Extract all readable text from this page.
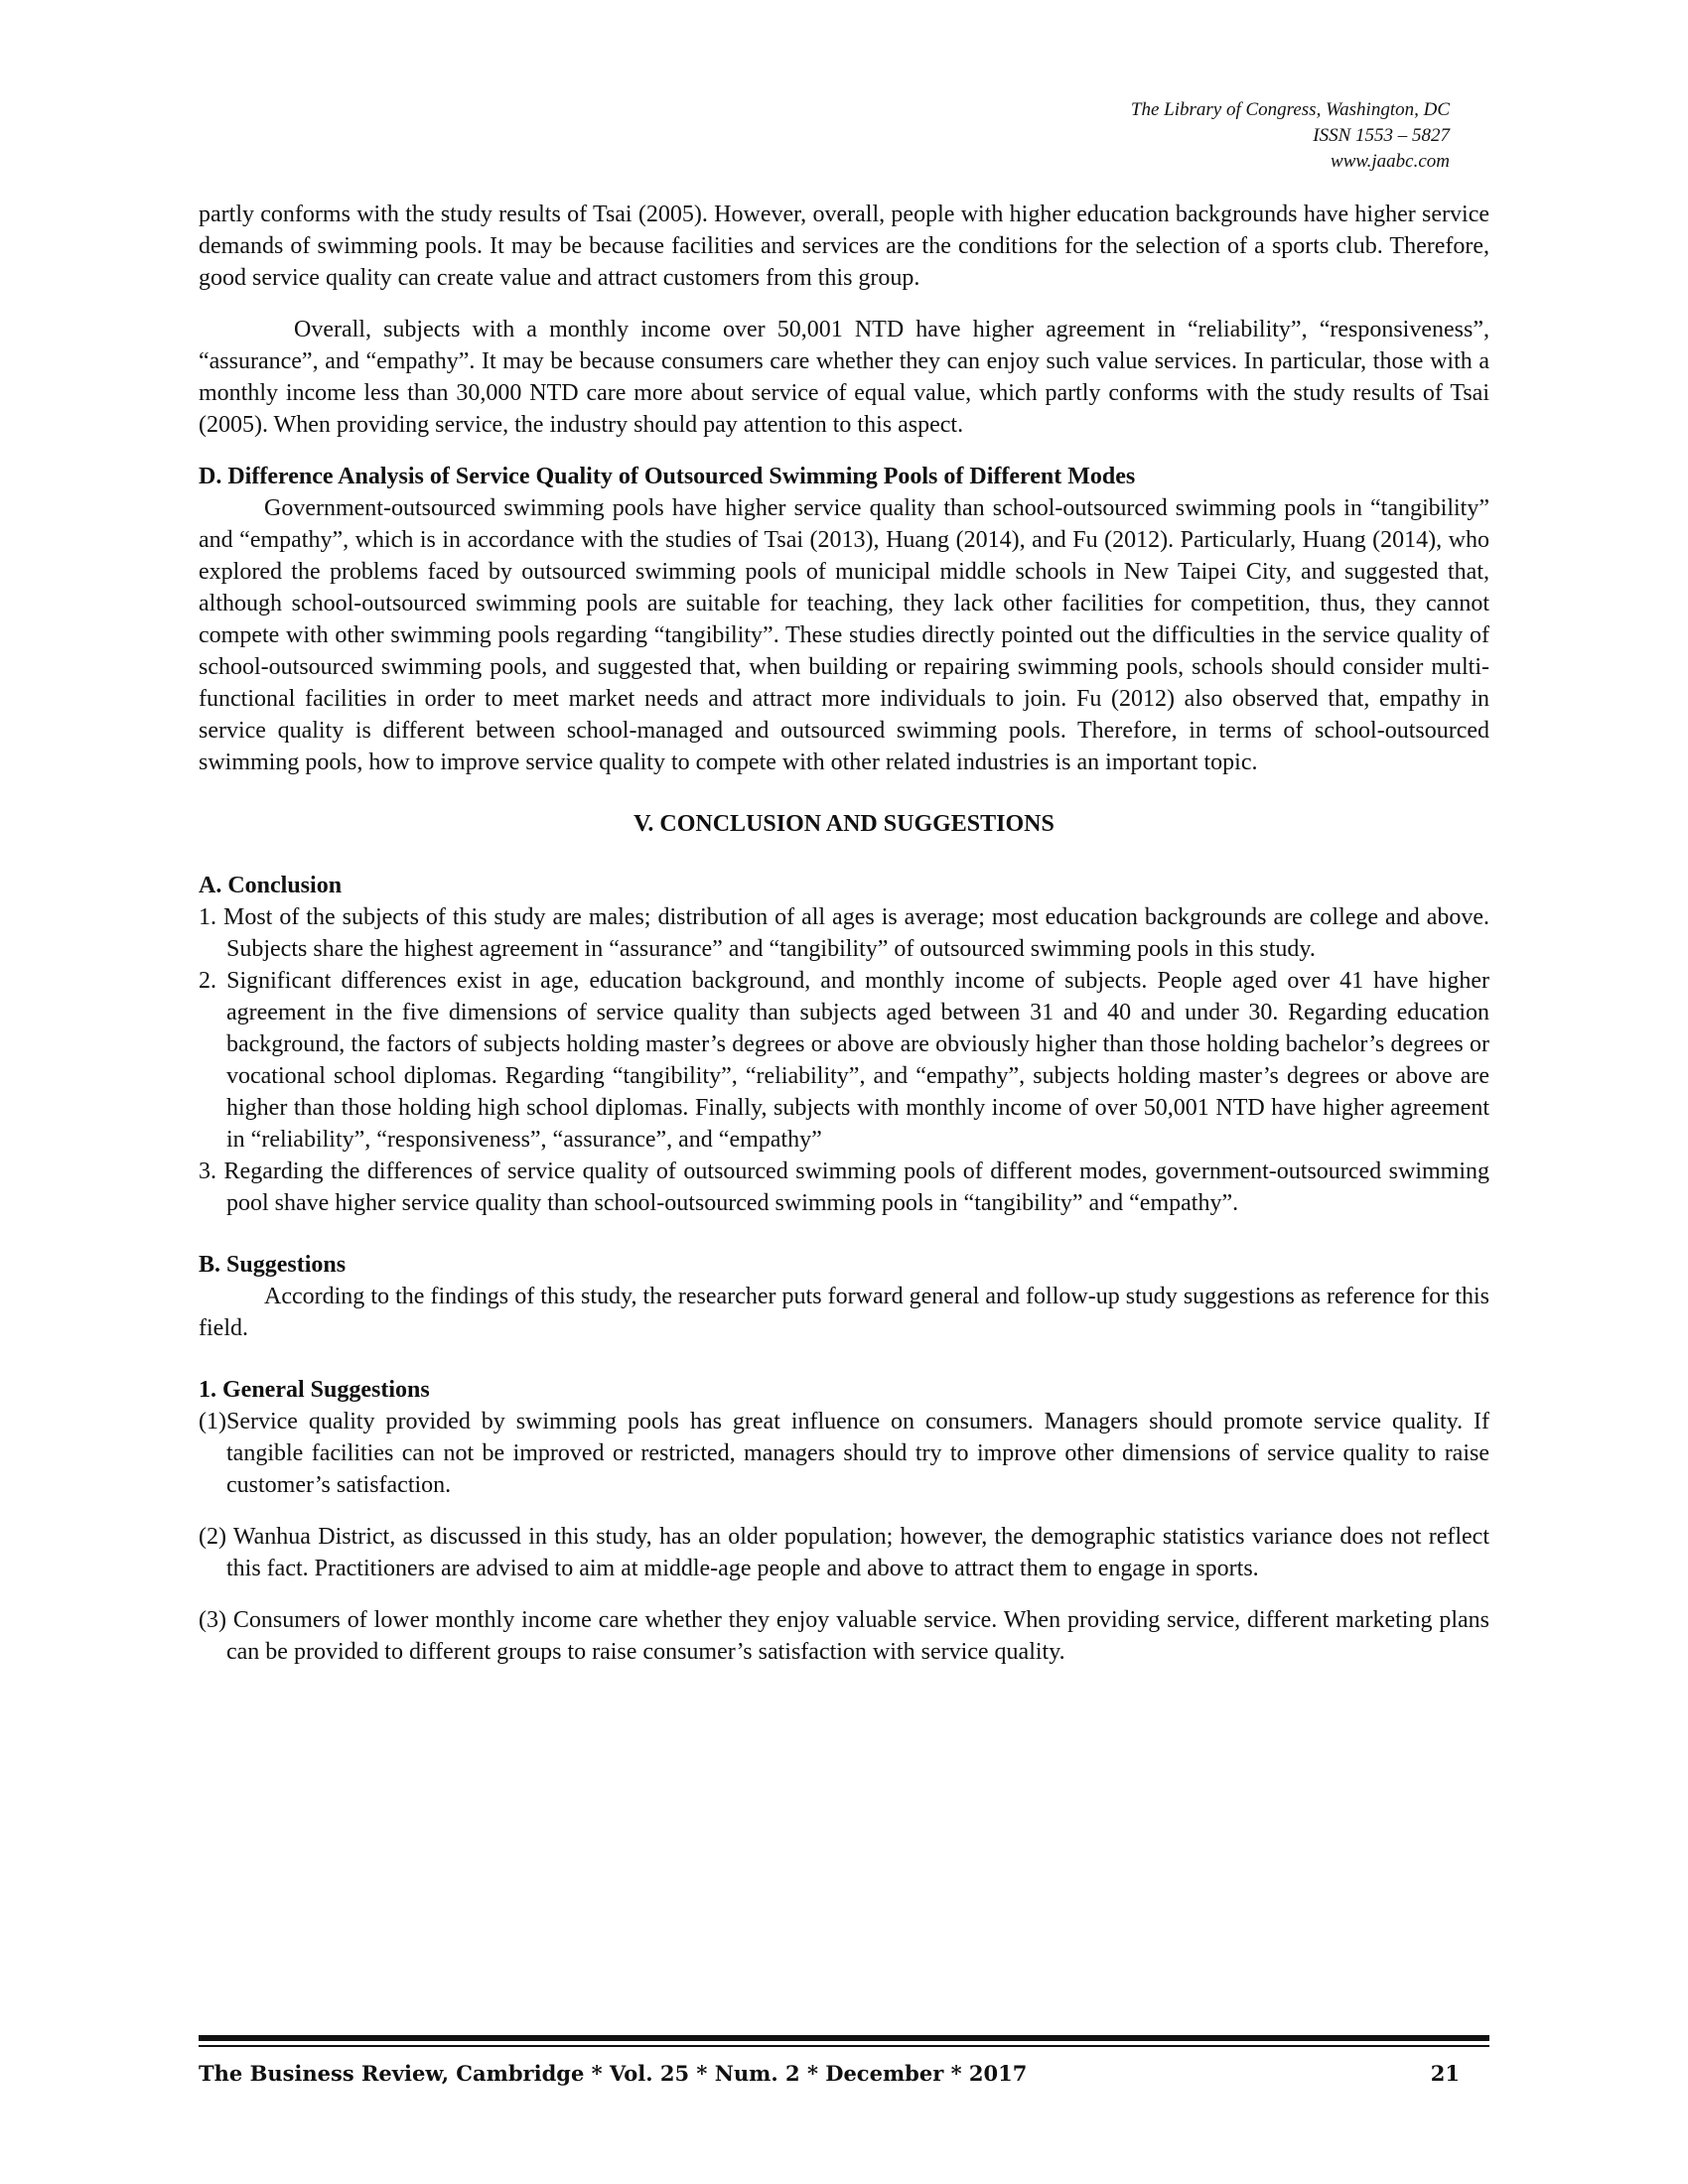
The Library of Congress, Washington, DC
ISSN 1553 – 5827
www.jaabc.com

partly conforms with the study results of Tsai (2005). However, overall, people with higher education backgrounds have higher service demands of swimming pools. It may be because facilities and services are the conditions for the selection of a sports club. Therefore, good service quality can create value and attract customers from this group.

Overall, subjects with a monthly income over 50,001 NTD have higher agreement in “reliability”, “responsiveness”, “assurance”, and “empathy”. It may be because consumers care whether they can enjoy such value services. In particular, those with a monthly income less than 30,000 NTD care more about service of equal value, which partly conforms with the study results of Tsai (2005). When providing service, the industry should pay attention to this aspect.

D. Difference Analysis of Service Quality of Outsourced Swimming Pools of Different Modes

Government-outsourced swimming pools have higher service quality than school-outsourced swimming pools in “tangibility” and “empathy”, which is in accordance with the studies of Tsai (2013), Huang (2014), and Fu (2012). Particularly, Huang (2014), who explored the problems faced by outsourced swimming pools of municipal middle schools in New Taipei City, and suggested that, although school-outsourced swimming pools are suitable for teaching, they lack other facilities for competition, thus, they cannot compete with other swimming pools regarding “tangibility”. These studies directly pointed out the difficulties in the service quality of school-outsourced swimming pools, and suggested that, when building or repairing swimming pools, schools should consider multi-functional facilities in order to meet market needs and attract more individuals to join. Fu (2012) also observed that, empathy in service quality is different between school-managed and outsourced swimming pools. Therefore, in terms of school-outsourced swimming pools, how to improve service quality to compete with other related industries is an important topic.

V. CONCLUSION AND SUGGESTIONS

A. Conclusion

1. Most of the subjects of this study are males; distribution of all ages is average; most education backgrounds are college and above. Subjects share the highest agreement in “assurance” and “tangibility” of outsourced swimming pools in this study.

2. Significant differences exist in age, education background, and monthly income of subjects. People aged over 41 have higher agreement in the five dimensions of service quality than subjects aged between 31 and 40 and under 30. Regarding education background, the factors of subjects holding master’s degrees or above are obviously higher than those holding bachelor’s degrees or vocational school diplomas. Regarding “tangibility”, “reliability”, and “empathy”, subjects holding master’s degrees or above are higher than those holding high school diplomas. Finally, subjects with monthly income of over 50,001 NTD have higher agreement in “reliability”, “responsiveness”, “assurance”, and “empathy”

3. Regarding the differences of service quality of outsourced swimming pools of different modes, government-outsourced swimming pool shave higher service quality than school-outsourced swimming pools in “tangibility” and “empathy”.

B. Suggestions

According to the findings of this study, the researcher puts forward general and follow-up study suggestions as reference for this field.

1. General Suggestions

(1)Service quality provided by swimming pools has great influence on consumers. Managers should promote service quality. If tangible facilities can not be improved or restricted, managers should try to improve other dimensions of service quality to raise customer’s satisfaction.

(2) Wanhua District, as discussed in this study, has an older population; however, the demographic statistics variance does not reflect this fact. Practitioners are advised to aim at middle-age people and above to attract them to engage in sports.

(3) Consumers of lower monthly income care whether they enjoy valuable service. When providing service, different marketing plans can be provided to different groups to raise consumer’s satisfaction with service quality.

The Business Review, Cambridge * Vol. 25 * Num. 2 * December * 2017	21
